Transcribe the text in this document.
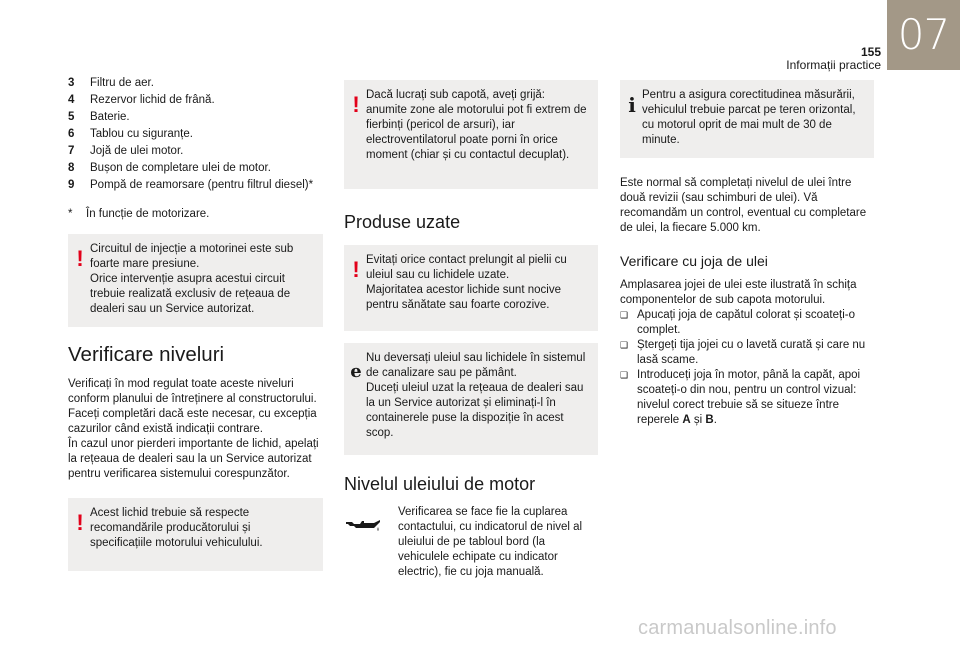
07
155
Informații practice
3	Filtru de aer.
4	Rezervor lichid de frână.
5	Baterie.
6	Tablou cu siguranțe.
7	Jojă de ulei motor.
8	Bușon de completare ulei de motor.
9	Pompă de reamorsare (pentru filtrul diesel)*
*	În funcție de motorizare.
! Circuitul de injecție a motorinei este sub foarte mare presiune.
Orice intervenție asupra acestui circuit trebuie realizată exclusiv de rețeaua de dealeri sau un Service autorizat.

Verificare niveluri

Verificați în mod regulat toate aceste niveluri conform planului de întreținere al constructorului. Faceți completări dacă este necesar, cu excepția cazurilor când există indicații contrare.
În cazul unor pierderi importante de lichid, apelați la rețeaua de dealeri sau la un Service autorizat pentru verificarea sistemului corespunzător.

! Acest lichid trebuie să respecte recomandările producătorului și specificațiile motorului vehiculului.

! Dacă lucrați sub capotă, aveți grijă: anumite zone ale motorului pot fi extrem de fierbinți (pericol de arsuri), iar electroventilatorul poate porni în orice moment (chiar și cu contactul decuplat).

Produse uzate
! Evitați orice contact prelungit al pielii cu uleiul sau cu lichidele uzate.
Majoritatea acestor lichide sunt nocive pentru sănătate sau foarte corozive.

e

Nu deversați uleiul sau lichidele în sistemul de canalizare sau pe pământ.
Duceți uleiul uzat la rețeaua de dealeri sau la un Service autorizat și eliminați-l în containerele puse la dispoziție în acest scop.

Nivelul uleiului de motor

Verificarea se face fie la cuplarea contactului, cu indicatorul de nivel al uleiului de pe tabloul bord (la vehiculele echipate cu indicator electric), fie cu joja manuală.

i Pentru a asigura corectitudinea măsurării, vehiculul trebuie parcat pe teren orizontal, cu motorul oprit de mai mult de 30 de minute.

Este normal să completați nivelul de ulei între două revizii (sau schimburi de ulei). Vă recomandăm un control, eventual cu completare de ulei, la fiecare 5.000 km.

Verificare cu joja de ulei

Amplasarea jojei de ulei este ilustrată în schița componentelor de sub capota motorului.

❑ Apucați joja de capătul colorat și scoateți-o complet.
❑ Ștergeți tija jojei cu o lavetă curată și care nu lasă scame.
❑ Introduceți joja în motor, până la capăt, apoi scoateți-o din nou, pentru un control vizual: nivelul corect trebuie să se situeze între reperele A și B.
carmanualsonline.info
